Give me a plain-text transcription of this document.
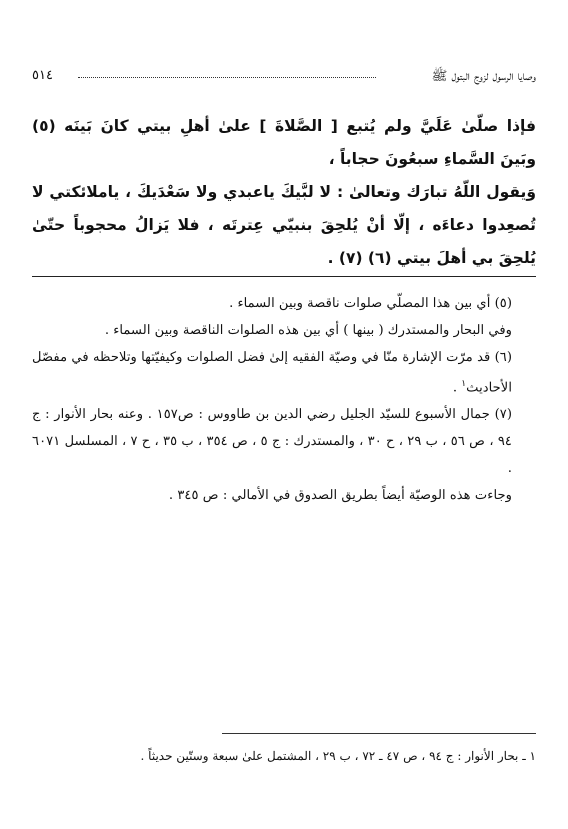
وصايا الرسول لزوج البتول ﷺ
٥١٤

فإذا صلّىٰ عَلَيَّ ولم يُتبع [ الصَّلاةَ ] علىٰ أهلِ بيتي كانَ بَينَه (٥) وبَينَ السَّماءِ سبعُونَ حجاباً ،

وَيقول اللّهُ تبارَك وتعالىٰ : لا لبَّيكَ ياعبدي ولا سَعْدَيكَ ، ياملائكتي لا تُصعِدوا دعاءَه ، إلّا أنْ يُلحِقَ بنبيّي عِترتَه ، فلا يَزالُ محجوباً حتّىٰ يُلحِقَ بي أهلَ بيتي (٦) (٧) .

(٥) أي بين هذا المصلّي صلوات ناقصة وبين السماء .

وفي البحار والمستدرك ( بينها ) أي بين هذه الصلوات الناقصة وبين السماء .

(٦) قد مرّت الإشارة منّا في وصيّة الفقيه إلىٰ فضل الصلوات وكيفيّتها وتلاحظه في مفصّل الأحاديث$^١$ .

(٧) جمال الأسبوع للسيّد الجليل رضي الدين بن طاووس : ص١٥٧ . وعنه بحار الأنوار : ج ٩٤ ، ص ٥٦ ، ب ٢٩ ، ح ٣٠ ، والمستدرك : ج ٥ ، ص ٣٥٤ ، ب ٣٥ ، ح ٧ ، المسلسل ٦٠٧١ .

وجاءت هذه الوصيّة أيضاً بطريق الصدوق في الأمالي : ص ٣٤٥ .

١ ـ بحار الأنوار : ج ٩٤ ، ص ٤٧ ـ ٧٢ ، ب ٢٩ ، المشتمل علىٰ سبعة وستّين حديثاً .
